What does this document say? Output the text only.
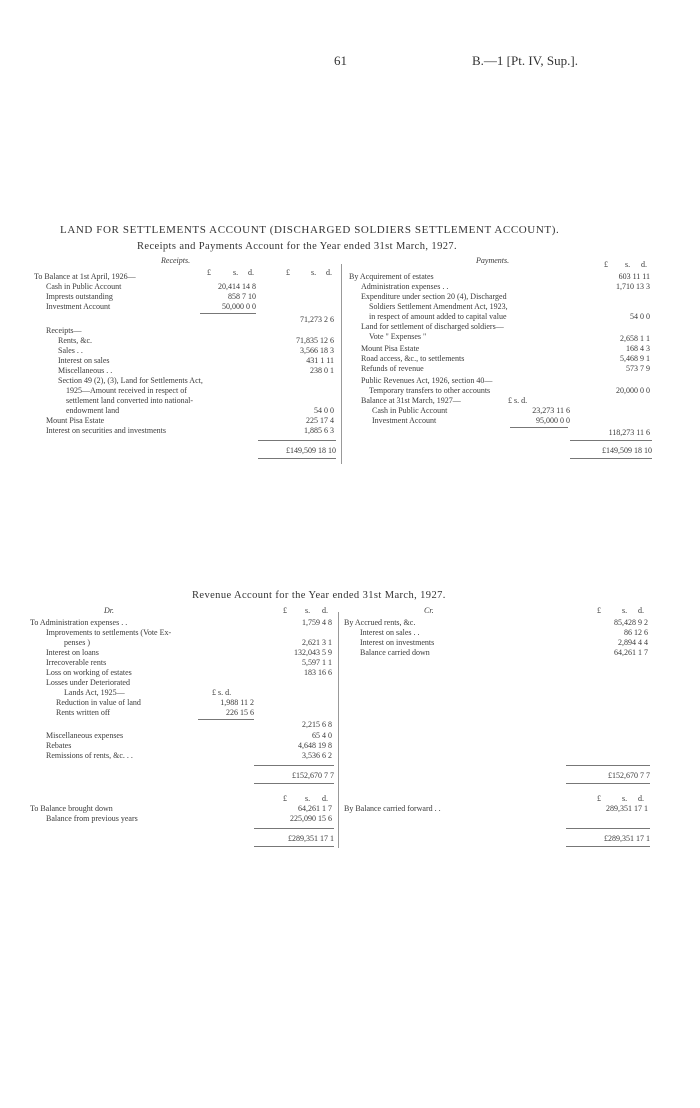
61	B.—1 [Pt. IV, Sup.].
LAND FOR SETTLEMENTS ACCOUNT (DISCHARGED SOLDIERS SETTLEMENT ACCOUNT).
Receipts and Payments Account for the Year ended 31st March, 1927.
Receipts.	Payments.
£	s. d.	£	s. d.
£ s. d.
To Balance at 1st April, 1926—
Cash in Public Account	20,414 14 8
Imprests outstanding	858 7 10
Investment Account	50,000 0 0
71,273 2 6
Receipts—
Rents, &c.	71,835 12 6
Sales . .	3,566 18 3
Interest on sales	431 1 11
Miscellaneous . .	238 0 1
Section 49 (2), (3), Land for Settlements Act,
1925—Amount received in respect of
settlement land converted into national-
endowment land	54 0 0
Mount Pisa Estate	225 17 4
Interest on securities and investments	1,885 6 3
£149,509 18 10
By Acquirement of estates	603 11 11
Administration expenses . .	1,710 13 3
Expenditure under section 20 (4), Discharged
Soldiers Settlement Amendment Act, 1923,
in respect of amount added to capital value	54 0 0
Land for settlement of discharged soldiers—
Vote " Expenses "	2,658 1 1
Mount Pisa Estate	168 4 3
Road access, &c., to settlements	5,468 9 1
Refunds of revenue	573 7 9
Public Revenues Act, 1926, section 40—
Temporary transfers to other accounts	20,000 0 0
Balance at 31st March, 1927—	£ s. d.
Cash in Public Account	23,273 11 6
Investment Account	95,000 0 0
118,273 11 6
£149,509 18 10
Revenue Account for the Year ended 31st March, 1927.
Dr.	Cr.
£ s. d.	£	s. d.
To Administration expenses . .	1,759 4 8
Improvements to settlements (Vote Ex-
penses )	2,621 3 1
Interest on loans	132,043 5 9
Irrecoverable rents	5,597 1 1
Loss on working of estates	183 16 6
Losses under Deteriorated
Lands Act, 1925—	£ s. d.
Reduction in value of land	1,988 11 2
Rents written off	226 15 6
2,215 6 8
Miscellaneous expenses	65 4 0
Rebates	4,648 19 8
Remissions of rents, &c. . .	3,536 6 2
£152,670 7 7
£ s. d.
To Balance brought down	64,261 1 7
Balance from previous years	225,090 15 6
£289,351 17 1
By Accrued rents, &c.	85,428 9 2
Interest on sales . .	86 12 6
Interest on investments	2,894 4 4
Balance carried down	64,261 1 7
£152,670 7 7
£	s. d.
By Balance carried forward . .	289,351 17 1
£289,351 17 1
